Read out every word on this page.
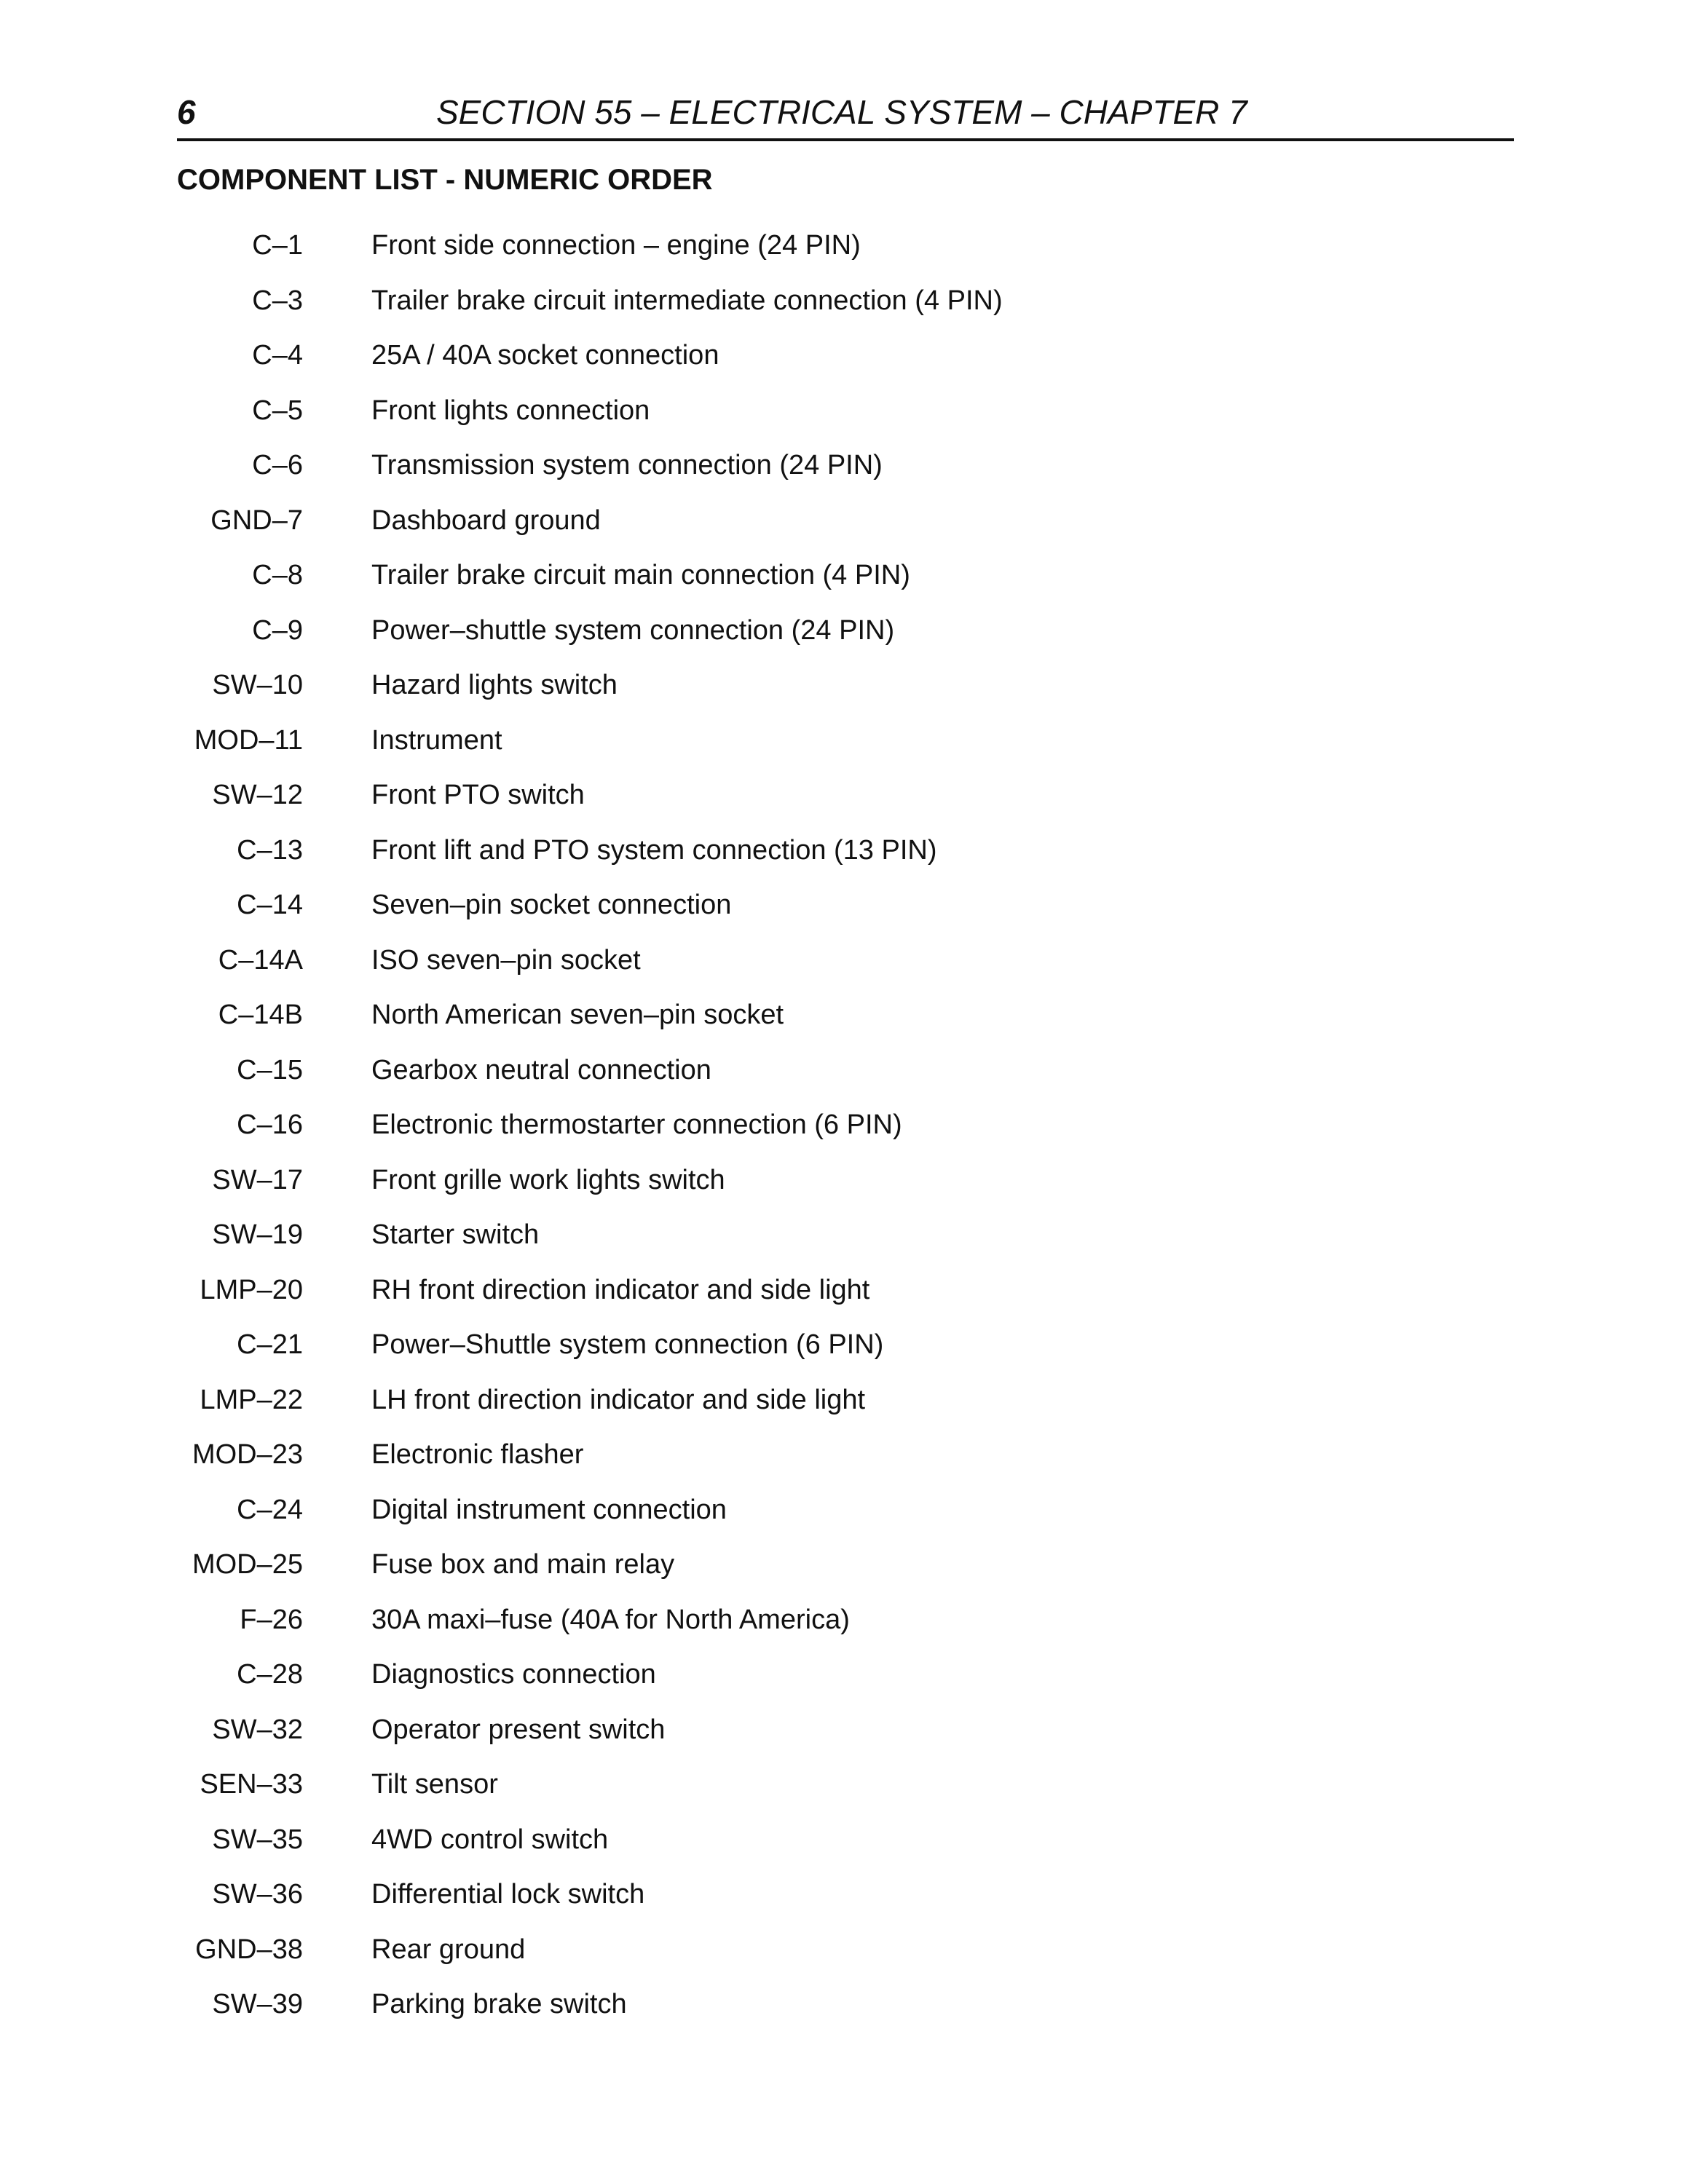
6	SECTION 55 – ELECTRICAL SYSTEM – CHAPTER 7
COMPONENT LIST - NUMERIC ORDER
C–1 Front side connection – engine (24 PIN)
C–3 Trailer brake circuit intermediate connection (4 PIN)
C–4 25A / 40A socket connection
C–5 Front lights connection
C–6 Transmission system connection (24 PIN)
GND–7 Dashboard ground
C–8 Trailer brake circuit main connection (4 PIN)
C–9 Power–shuttle system connection (24 PIN)
SW–10 Hazard lights switch
MOD–11 Instrument
SW–12 Front PTO switch
C–13 Front lift and PTO system connection (13 PIN)
C–14 Seven–pin socket connection
C–14A ISO seven–pin socket
C–14B North American seven–pin socket
C–15 Gearbox neutral connection
C–16 Electronic thermostarter connection (6 PIN)
SW–17 Front grille work lights switch
SW–19 Starter switch
LMP–20 RH front direction indicator and side light
C–21 Power–Shuttle system connection (6 PIN)
LMP–22 LH front direction indicator and side light
MOD–23 Electronic flasher
C–24 Digital instrument connection
MOD–25 Fuse box and main relay
F–26 30A maxi–fuse (40A for North America)
C–28 Diagnostics connection
SW–32 Operator present switch
SEN–33 Tilt sensor
SW–35 4WD control switch
SW–36 Differential lock switch
GND–38 Rear ground
SW–39 Parking brake switch
